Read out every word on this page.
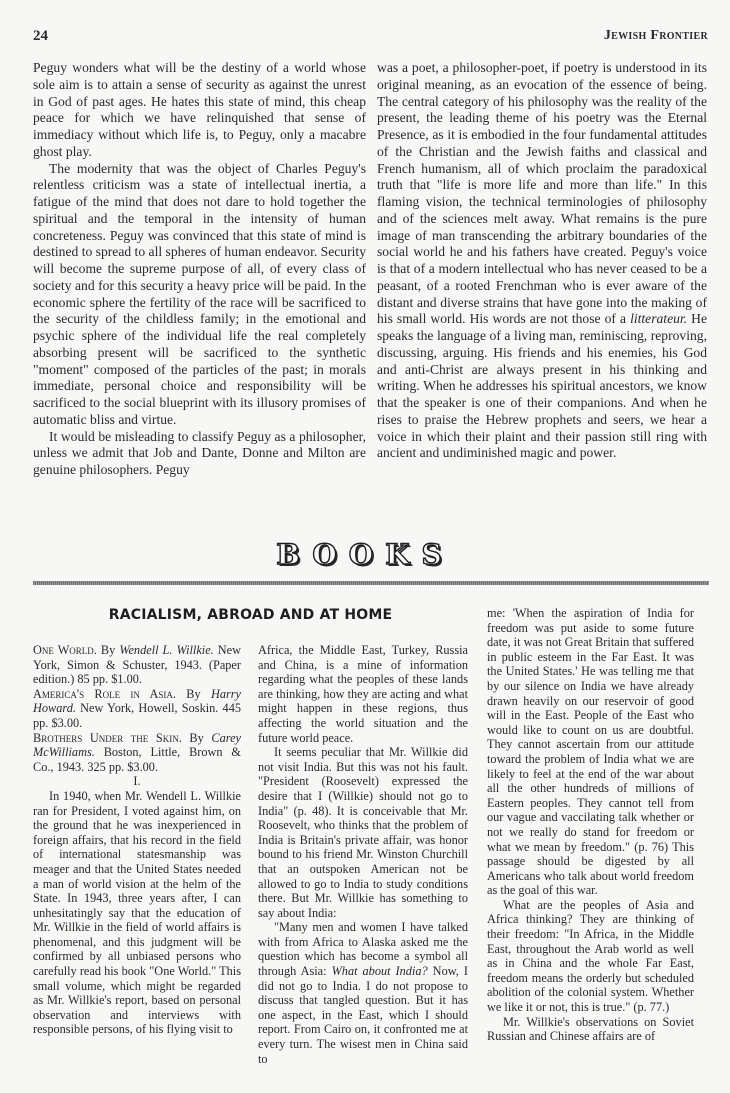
24	Jewish Frontier

Peguy wonders what will be the destiny of a world whose sole aim is to attain a sense of security as against the unrest in God of past ages. He hates this state of mind, this cheap peace for which we have relinquished that sense of immediacy without which life is, to Peguy, only a macabre ghost play.

The modernity that was the object of Charles Peguy's relentless criticism was a state of intellectual inertia, a fatigue of the mind that does not dare to hold together the spiritual and the temporal in the intensity of human concreteness. Peguy was convinced that this state of mind is destined to spread to all spheres of human endeavor. Security will become the supreme purpose of all, of every class of society and for this security a heavy price will be paid. In the economic sphere the fertility of the race will be sacrificed to the security of the childless family; in the emotional and psychic sphere of the individual life the real completely absorbing present will be sacrificed to the synthetic "moment" composed of the particles of the past; in morals immediate, personal choice and responsibility will be sacrificed to the social blueprint with its illusory promises of automatic bliss and virtue.

It would be misleading to classify Peguy as a philosopher, unless we admit that Job and Dante, Donne and Milton are genuine philosophers. Peguy

was a poet, a philosopher-poet, if poetry is understood in its original meaning, as an evocation of the essence of being. The central category of his philosophy was the reality of the present, the leading theme of his poetry was the Eternal Presence, as it is embodied in the four fundamental attitudes of the Christian and the Jewish faiths and classical and French humanism, all of which proclaim the paradoxical truth that "life is more life and more than life." In this flaming vision, the technical terminologies of philosophy and of the sciences melt away. What remains is the pure image of man transcending the arbitrary boundaries of the social world he and his fathers have created. Peguy's voice is that of a modern intellectual who has never ceased to be a peasant, of a rooted Frenchman who is ever aware of the distant and diverse strains that have gone into the making of his small world. His words are not those of a litterateur. He speaks the language of a living man, reminiscing, reproving, discussing, arguing. His friends and his enemies, his God and anti-Christ are always present in his thinking and writing. When he addresses his spiritual ancestors, we know that the speaker is one of their companions. And when he rises to praise the Hebrew prophets and seers, we hear a voice in which their plaint and their passion still ring with ancient and undiminished magic and power.

BOOKS
RACIALISM, ABROAD AND AT HOME

One World. By Wendell L. Willkie. New York, Simon & Schuster, 1943. (Paper edition.) 85 pp. $1.00.

America's Role in Asia. By Harry Howard. New York, Howell, Soskin. 445 pp. $3.00.

Brothers Under the Skin. By Carey McWilliams. Boston, Little, Brown & Co., 1943. 325 pp. $3.00.

I.

In 1940, when Mr. Wendell L. Willkie ran for President, I voted against him, on the ground that he was inexperienced in foreign affairs, that his record in the field of international statesmanship was meager and that the United States needed a man of world vision at the helm of the State. In 1943, three years after, I can unhesitatingly say that the education of Mr. Willkie in the field of world affairs is phenomenal, and this judgment will be confirmed by all unbiased persons who carefully read his book "One World." This small volume, which might be regarded as Mr. Willkie's report, based on personal observation and interviews with responsible persons, of his flying visit to

Africa, the Middle East, Turkey, Russia and China, is a mine of information regarding what the peoples of these lands are thinking, how they are acting and what might happen in these regions, thus affecting the world situation and the future world peace.

It seems peculiar that Mr. Willkie did not visit India. But this was not his fault. "President (Roosevelt) expressed the desire that I (Willkie) should not go to India" (p. 48). It is conceivable that Mr. Roosevelt, who thinks that the problem of India is Britain's private affair, was honor bound to his friend Mr. Winston Churchill that an outspoken American not be allowed to go to India to study conditions there. But Mr. Willkie has something to say about India:

"Many men and women I have talked with from Africa to Alaska asked me the question which has become a symbol all through Asia: What about India? Now, I did not go to India. I do not propose to discuss that tangled question. But it has one aspect, in the East, which I should report. From Cairo on, it confronted me at every turn. The wisest men in China said to

me: 'When the aspiration of India for freedom was put aside to some future date, it was not Great Britain that suffered in public esteem in the Far East. It was the United States.' He was telling me that by our silence on India we have already drawn heavily on our reservoir of good will in the East. People of the East who would like to count on us are doubtful. They cannot ascertain from our attitude toward the problem of India what we are likely to feel at the end of the war about all the other hundreds of millions of Eastern peoples. They cannot tell from our vague and vaccilating talk whether or not we really do stand for freedom or what we mean by freedom." (p. 76) This passage should be digested by all Americans who talk about world freedom as the goal of this war.

What are the peoples of Asia and Africa thinking? They are thinking of their freedom: "In Africa, in the Middle East, throughout the Arab world as well as in China and the whole Far East, freedom means the orderly but scheduled abolition of the colonial system. Whether we like it or not, this is true." (p. 77.)

Mr. Willkie's observations on Soviet Russian and Chinese affairs are of
